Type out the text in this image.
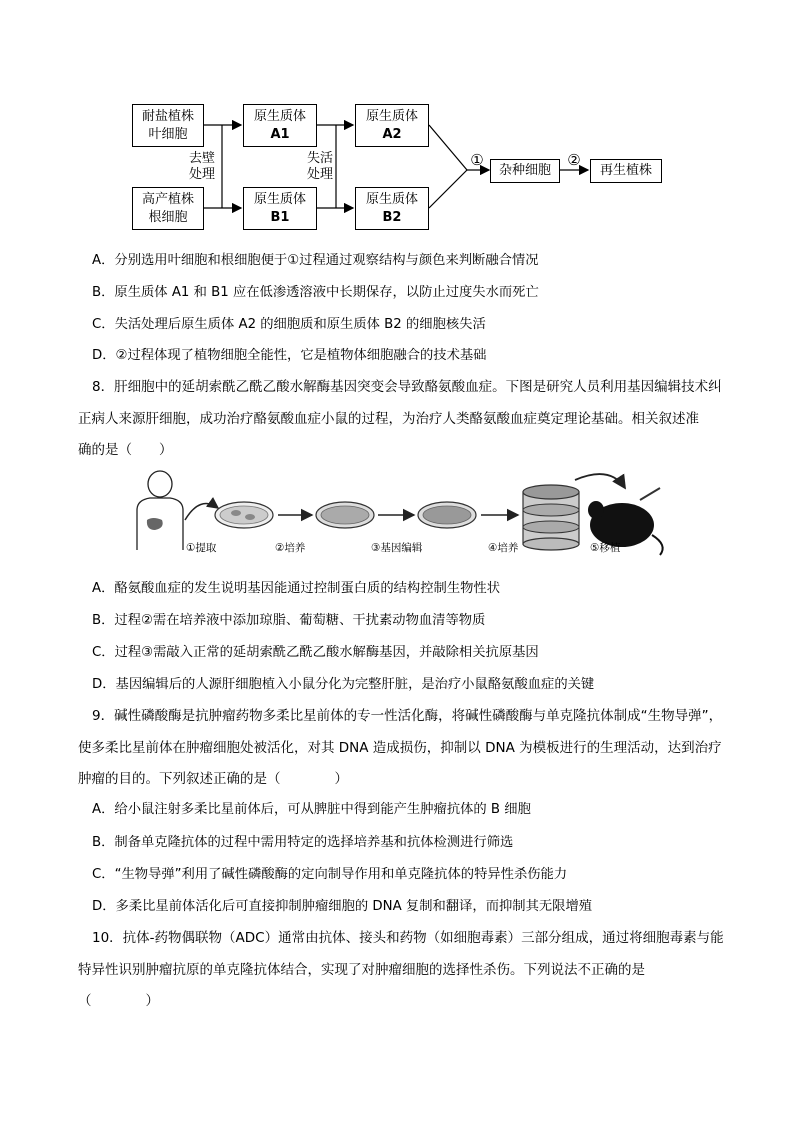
耐盐植株
叶细胞
高产植株
根细胞
原生质体
A1
原生质体
B1
原生质体
A2
原生质体
B2
杂种细胞	再生植株
去壁
处理
失活
处理
①	②
A．分别选用叶细胞和根细胞便于①过程通过观察结构与颜色来判断融合情况
B．原生质体 A1 和 B1 应在低渗透溶液中长期保存，以防止过度失水而死亡
C．失活处理后原生质体 A2 的细胞质和原生质体 B2 的细胞核失活
D．②过程体现了植物细胞全能性，它是植物体细胞融合的技术基础
8．肝细胞中的延胡索酰乙酰乙酸水解酶基因突变会导致酪氨酸血症。下图是研究人员利用基因编辑技术纠
正病人来源肝细胞，成功治疗酪氨酸血症小鼠的过程，为治疗人类酪氨酸血症奠定理论基础。相关叙述准
确的是（　　）
①提取	②培养	③基因编辑	④培养	⑤移植
A．酪氨酸血症的发生说明基因能通过控制蛋白质的结构控制生物性状
B．过程②需在培养液中添加琼脂、葡萄糖、干扰素动物血清等物质
C．过程③需敲入正常的延胡索酰乙酰乙酸水解酶基因，并敲除相关抗原基因
D．基因编辑后的人源肝细胞植入小鼠分化为完整肝脏，是治疗小鼠酪氨酸血症的关键
9．碱性磷酸酶是抗肿瘤药物多柔比星前体的专一性活化酶，将碱性磷酸酶与单克隆抗体制成“生物导弹”，
使多柔比星前体在肿瘤细胞处被活化，对其 DNA 造成损伤，抑制以 DNA 为模板进行的生理活动，达到治疗
肿瘤的目的。下列叙述正确的是（　　　　）
A．给小鼠注射多柔比星前体后，可从脾脏中得到能产生肿瘤抗体的 B 细胞
B．制备单克隆抗体的过程中需用特定的选择培养基和抗体检测进行筛选
C．“生物导弹”利用了碱性磷酸酶的定向制导作用和单克隆抗体的特异性杀伤能力
D．多柔比星前体活化后可直接抑制肿瘤细胞的 DNA 复制和翻译，而抑制其无限增殖
10．抗体-药物偶联物（ADC）通常由抗体、接头和药物（如细胞毒素）三部分组成，通过将细胞毒素与能
特异性识别肿瘤抗原的单克隆抗体结合，实现了对肿瘤细胞的选择性杀伤。下列说法不正确的是
（　　　　）
